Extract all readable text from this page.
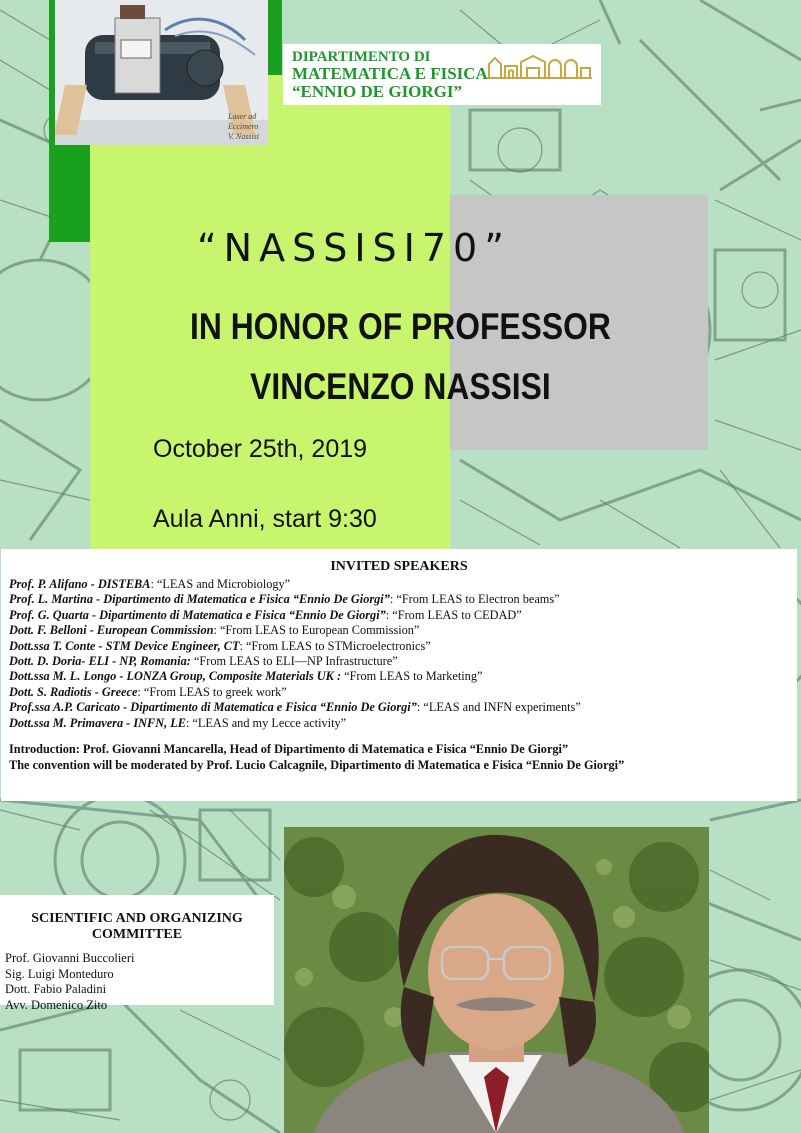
Laser ad Eccimero
V. Nassisi
DIPARTIMENTO DI
MATEMATICA E FISICA
“ENNIO DE GIORGI”
“NASSISI70”
IN HONOR OF PROFESSOR
VINCENZO NASSISI
October 25th, 2019
Aula Anni, start 9:30
INVITED SPEAKERS
Prof. P. Alifano - DISTEBA: “LEAS and Microbiology”
Prof. L. Martina - Dipartimento di Matematica e Fisica “Ennio De Giorgi”: “From LEAS to Electron beams”
Prof. G. Quarta - Dipartimento di Matematica e Fisica “Ennio De Giorgi”: “From LEAS to CEDAD”
Dott. F. Belloni - European Commission: “From LEAS to European Commission”
Dott.ssa T. Conte - STM Device Engineer, CT: “From LEAS to STMicroelectronics”
Dott. D. Doria- ELI - NP, Romania: “From LEAS to ELI—NP Infrastructure”
Dott.ssa M. L. Longo - LONZA Group, Composite Materials UK : “From LEAS to Marketing”
Dott. S. Radiotis - Greece: “From LEAS to greek work”
Prof.ssa A.P. Caricato - Dipartimento di Matematica e Fisica “Ennio De Giorgi”: “LEAS and INFN experiments”
Dott.ssa M. Primavera - INFN, LE: “LEAS and my Lecce activity”
Introduction: Prof. Giovanni Mancarella, Head of Dipartimento di Matematica e Fisica “Ennio De Giorgi”
The convention will be moderated by Prof. Lucio Calcagnile, Dipartimento di Matematica e Fisica “Ennio De Giorgi”
SCIENTIFIC AND ORGANIZING
COMMITTEE
Prof. Giovanni Buccolieri
Sig. Luigi Monteduro
Dott. Fabio Paladini
Avv. Domenico Zito
